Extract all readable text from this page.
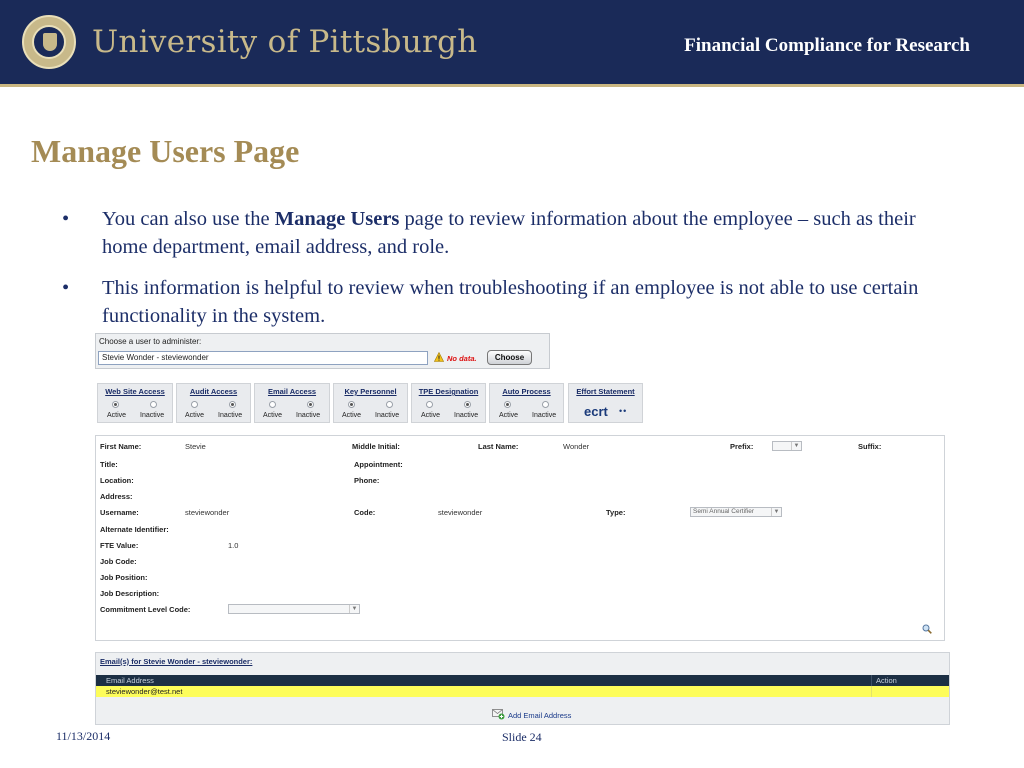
University of Pittsburgh	Financial Compliance for Research
Manage Users Page
• You can also use the Manage Users page to review information about the employee – such as their home department, email address, and role.
• This information is helpful to review when troubleshooting if an employee is not able to use certain functionality in the system.
Choose a user to administer:
Stevie Wonder - steviewonder	No data.	Choose
Web Site Access
Active Inactive
Audit Access
Active Inactive
Email Access
Active Inactive
Key Personnel
Active Inactive
TPE Designation
Active Inactive
Auto Process
Active Inactive
Effort Statement
ecrt ••
First Name:	Stevie	Middle Initial:	Last Name:	Wonder	Prefix:	▼	Suffix:
Title:	Appointment:
Location:	Phone:
Address:
Username:	steviewonder	Code:	steviewonder	Type:	Semi Annual Certifier	▼
Alternate Identifier:
FTE Value:	1.0
Job Code:
Job Position:
Job Description:
Commitment Level Code:	▼
Email(s) for Stevie Wonder - steviewonder:
Email Address	Action
steviewonder@test.net
Add Email Address
11/13/2014	Slide 24
